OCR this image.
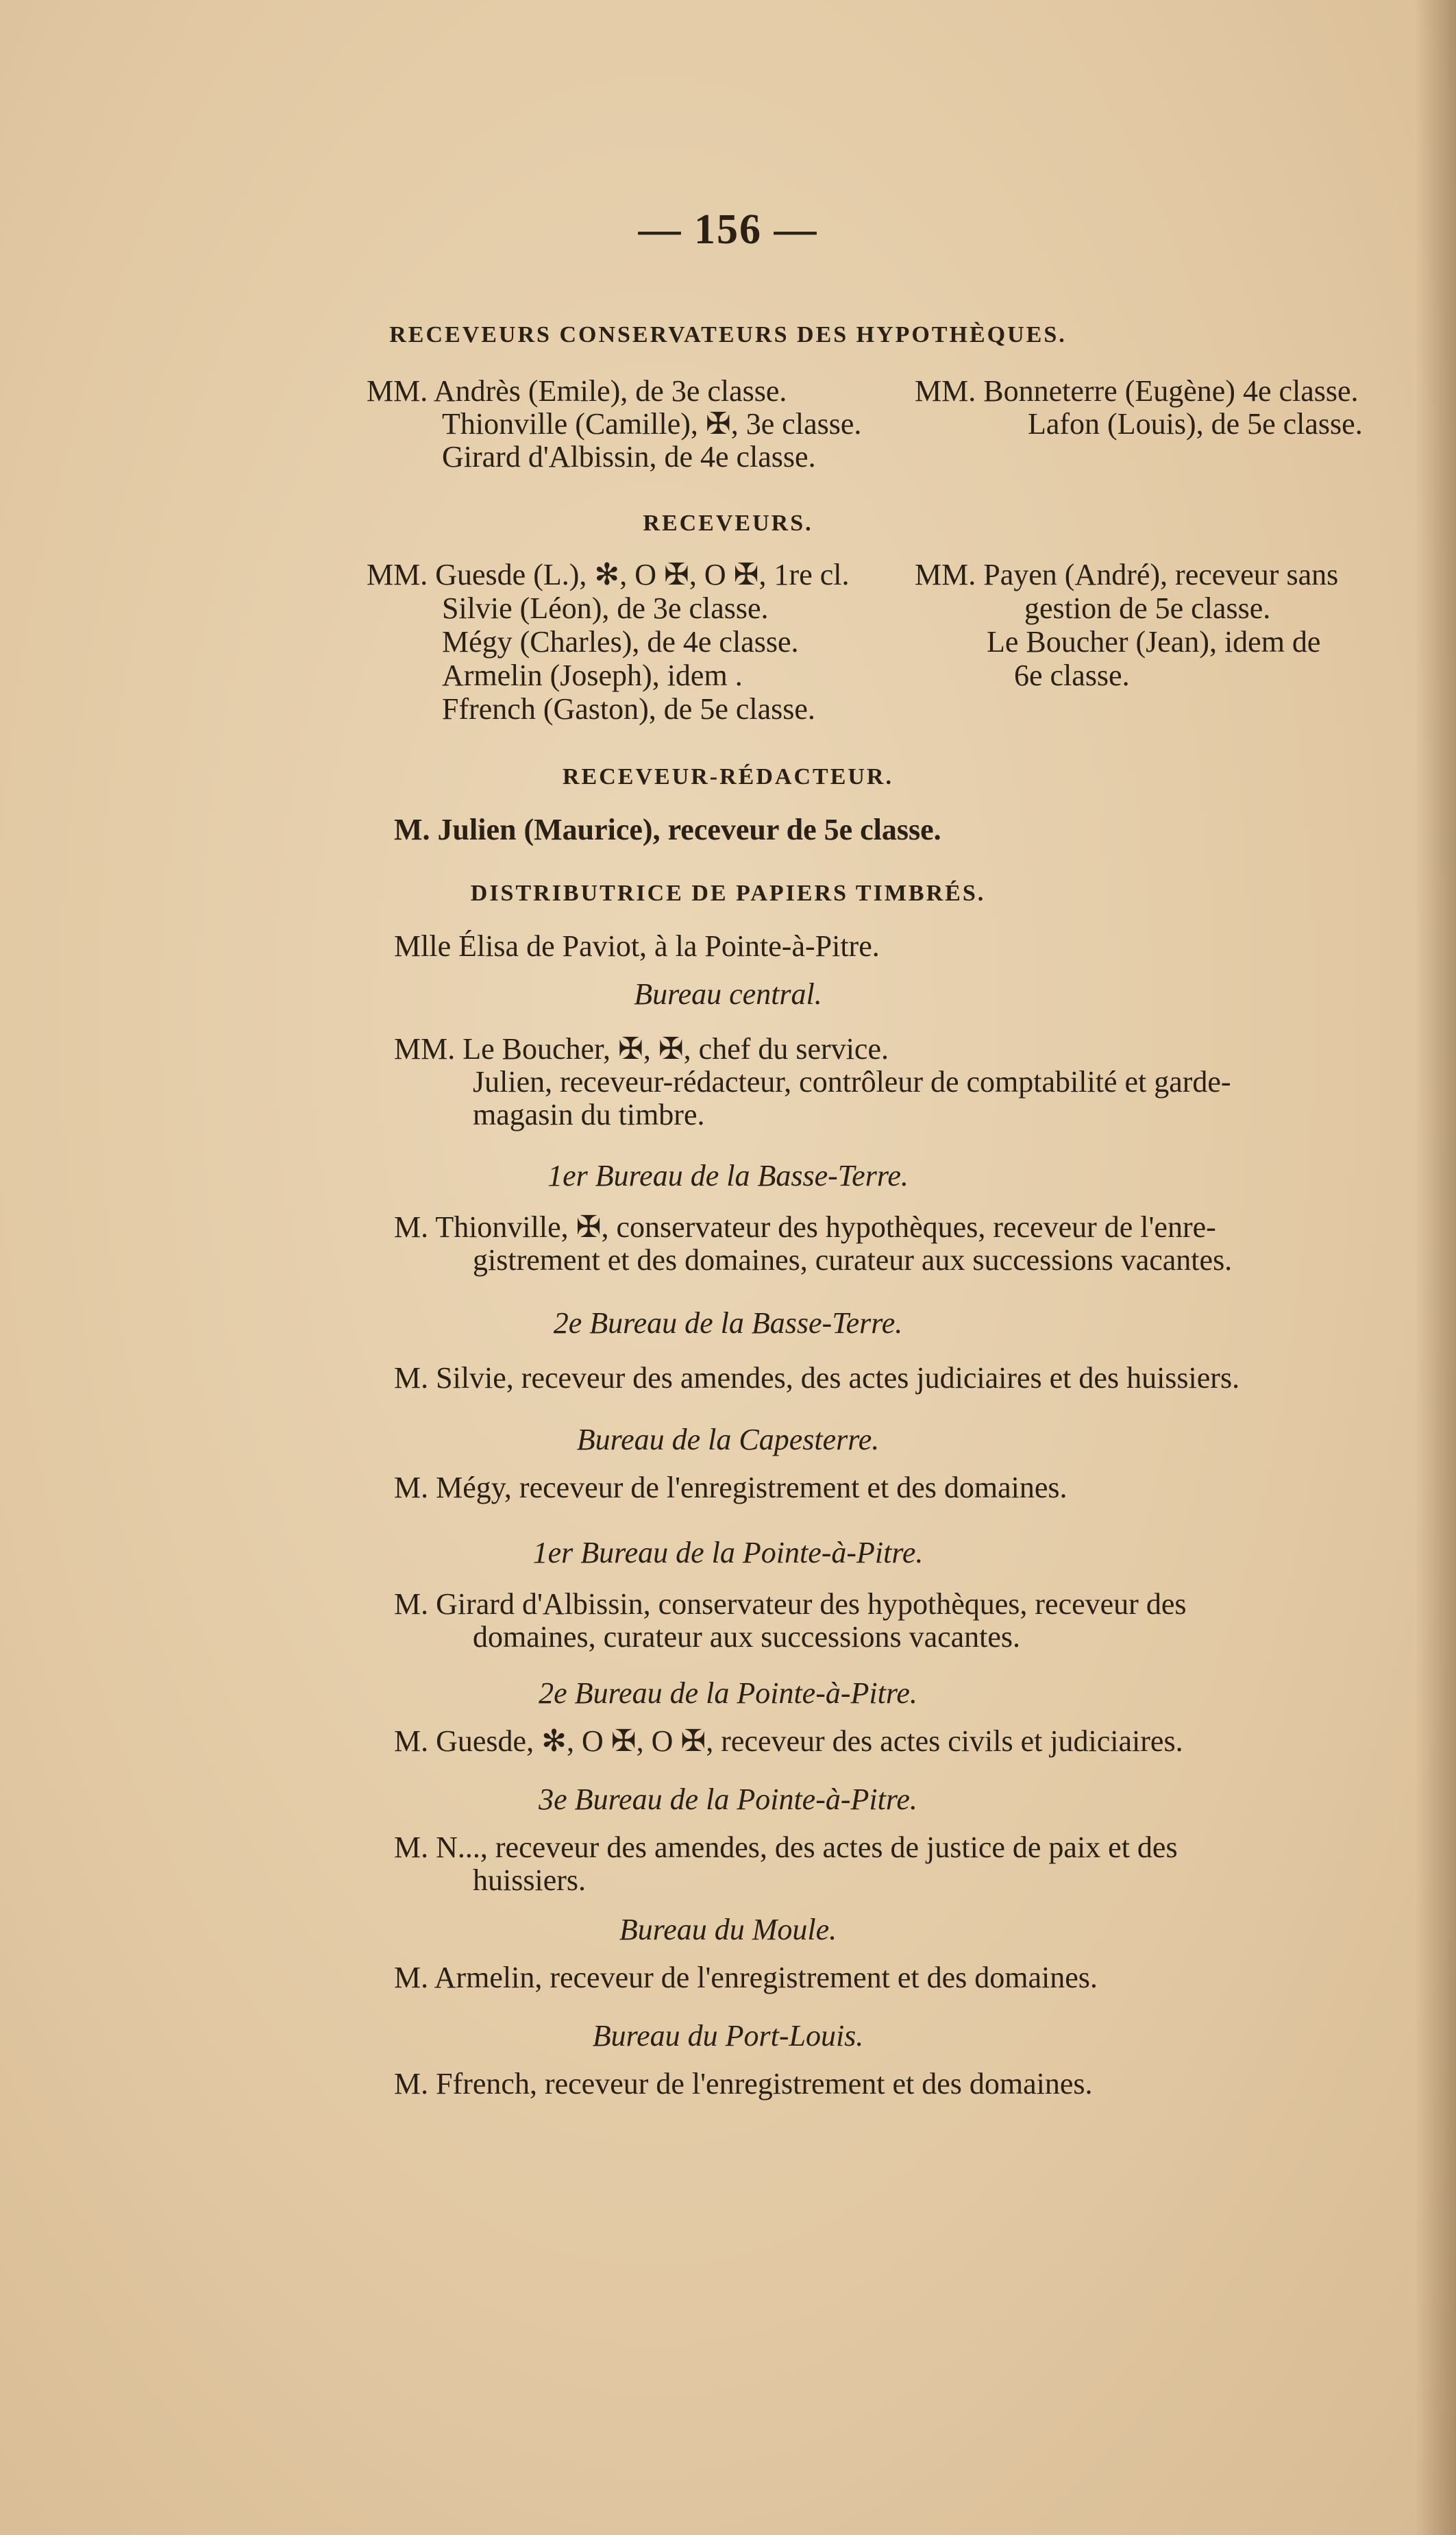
— 156 —
RECEVEURS CONSERVATEURS DES HYPOTHÈQUES.
MM. Andrès (Emile), de 3e classe.
Thionville (Camille), ✠, 3e classe.
Girard d'Albissin, de 4e classe.
MM. Bonneterre (Eugène) 4e classe.
Lafon (Louis), de 5e classe.
RECEVEURS.
MM. Guesde (L.), ✻, O ✠, O ✠, 1re cl.
Silvie (Léon), de 3e classe.
Mégy (Charles), de 4e classe.
Armelin (Joseph), idem .
Ffrench (Gaston), de 5e classe.
MM. Payen (André), receveur sans
gestion de 5e classe.
Le Boucher (Jean), idem de
6e classe.
RECEVEUR-RÉDACTEUR.
M. Julien (Maurice), receveur de 5e classe.
DISTRIBUTRICE DE PAPIERS TIMBRÉS.
Mlle Élisa de Paviot, à la Pointe-à-Pitre.
Bureau central.
MM. Le Boucher, ✠, ✠, chef du service.
Julien, receveur-rédacteur, contrôleur de comptabilité et garde-
magasin du timbre.
1er Bureau de la Basse-Terre.
M. Thionville, ✠, conservateur des hypothèques, receveur de l'enre-
gistrement et des domaines, curateur aux successions vacantes.
2e Bureau de la Basse-Terre.
M. Silvie, receveur des amendes, des actes judiciaires et des huissiers.
Bureau de la Capesterre.
M. Mégy, receveur de l'enregistrement et des domaines.
1er Bureau de la Pointe-à-Pitre.
M. Girard d'Albissin, conservateur des hypothèques, receveur des
domaines, curateur aux successions vacantes.
2e Bureau de la Pointe-à-Pitre.
M. Guesde, ✻, O ✠, O ✠, receveur des actes civils et judiciaires.
3e Bureau de la Pointe-à-Pitre.
M. N..., receveur des amendes, des actes de justice de paix et des
huissiers.
Bureau du Moule.
M. Armelin, receveur de l'enregistrement et des domaines.
Bureau du Port-Louis.
M. Ffrench, receveur de l'enregistrement et des domaines.
